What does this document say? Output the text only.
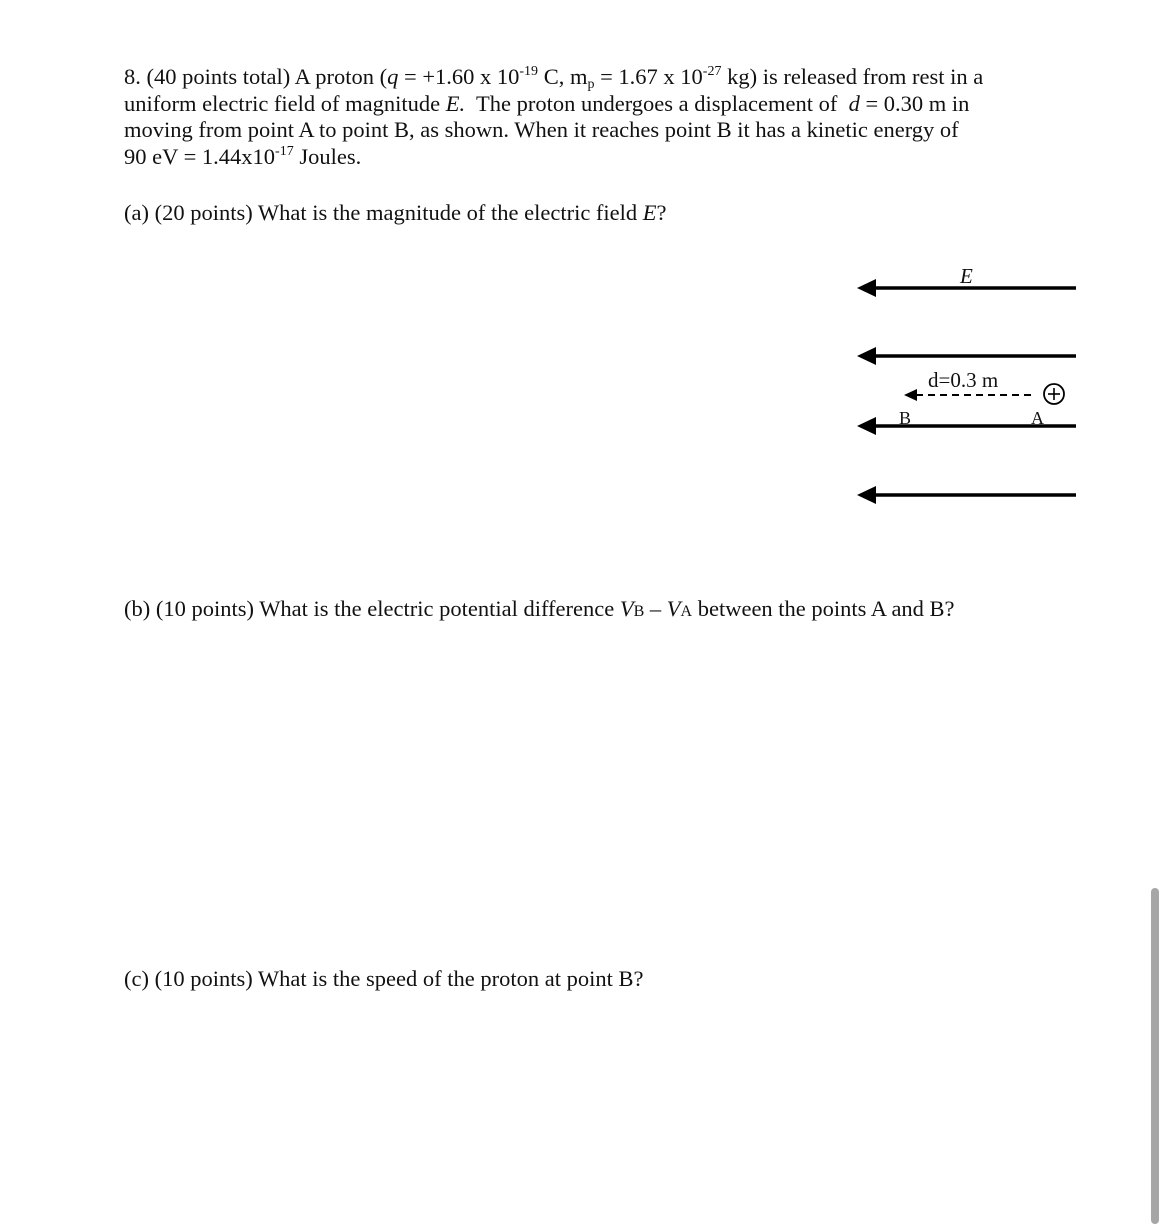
8. (40 points total) A proton (q = +1.60 x $10^{-19}$ C, $m_p = 1.67$ x $10^{-27}$ kg) is released from rest in a

uniform electric field of magnitude E.  The proton undergoes a displacement of  d = 0.30 m in

moving from point A to point B, as shown. When it reaches point B it has a kinetic energy of

90 eV = $1.44x10^{-17}$ Joules.

(a) (20 points) What is the magnitude of the electric field E?
E
d=0.3 m
B	A
(b) (10 points) What is the electric potential difference VB – VA between the points A and B?
(c) (10 points) What is the speed of the proton at point B?
